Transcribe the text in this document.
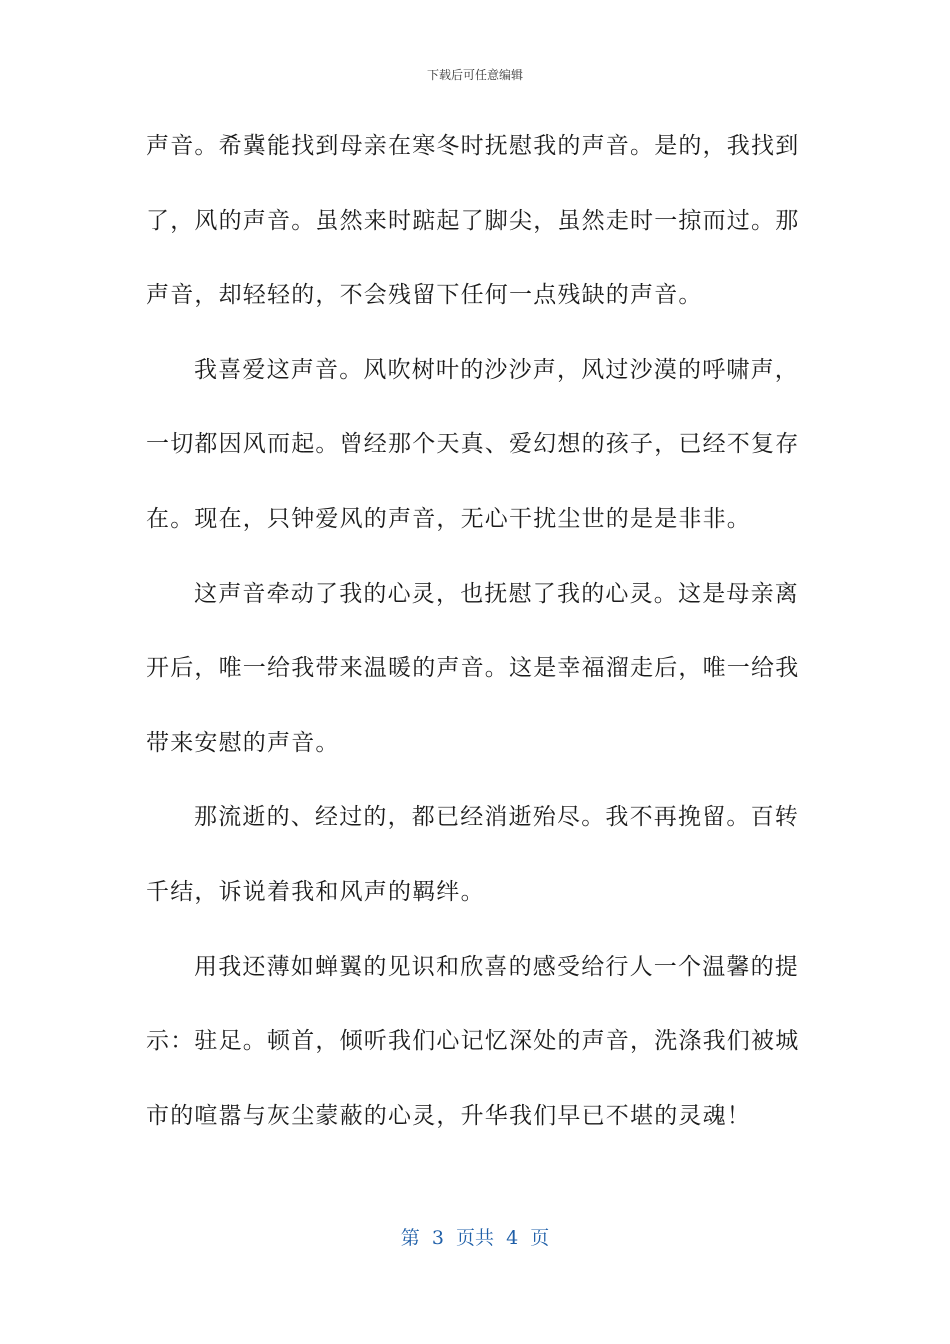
下载后可任意编辑
声音。希冀能找到母亲在寒冬时抚慰我的声音。是的，我找到
了，风的声音。虽然来时踮起了脚尖，虽然走时一掠而过。那
声音，却轻轻的，不会残留下任何一点残缺的声音。
我喜爱这声音。风吹树叶的沙沙声，风过沙漠的呼啸声，
一切都因风而起。曾经那个天真、爱幻想的孩子，已经不复存
在。现在，只钟爱风的声音，无心干扰尘世的是是非非。
这声音牵动了我的心灵，也抚慰了我的心灵。这是母亲离
开后，唯一给我带来温暖的声音。这是幸福溜走后，唯一给我
带来安慰的声音。
那流逝的、经过的，都已经消逝殆尽。我不再挽留。百转
千结，诉说着我和风声的羁绊。
用我还薄如蝉翼的见识和欣喜的感受给行人一个温馨的提
示：驻足。顿首，倾听我们心记忆深处的声音，洗涤我们被城
市的喧嚣与灰尘蒙蔽的心灵，升华我们早已不堪的灵魂！
第  3  页共  4  页
